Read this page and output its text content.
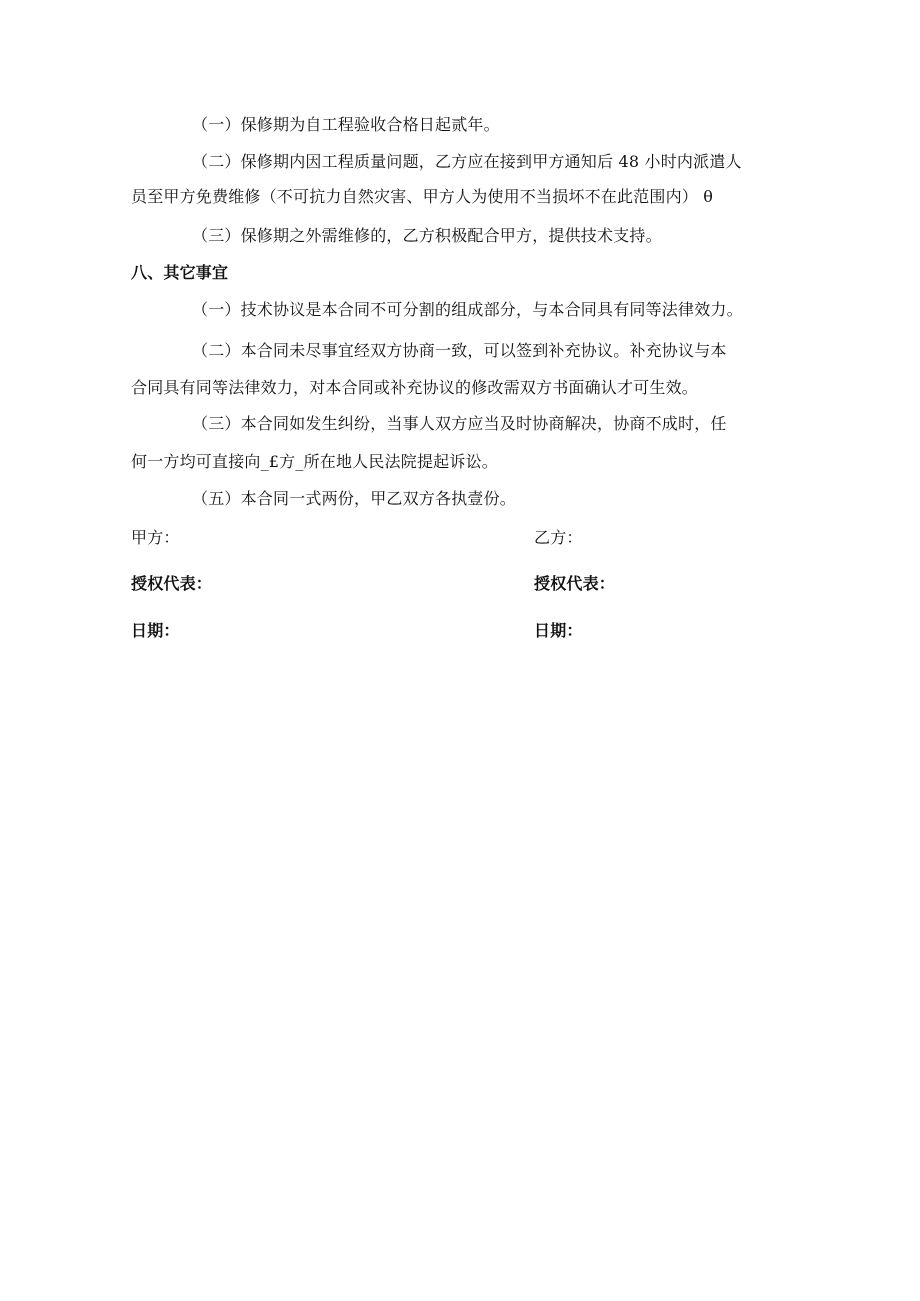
（一）保修期为自工程验收合格日起贰年。
（二）保修期内因工程质量问题，乙方应在接到甲方通知后 48 小时内派遣人
员至甲方免费维修（不可抗力自然灾害、甲方人为使用不当损坏不在此范围内） θ
（三）保修期之外需维修的，乙方积极配合甲方，提供技术支持。
八、其它事宜
（一）技术协议是本合同不可分割的组成部分，与本合同具有同等法律效力。
（二）本合同未尽事宜经双方协商一致，可以签到补充协议。补充协议与本
合同具有同等法律效力，对本合同或补充协议的修改需双方书面确认才可生效。
（三）本合同如发生纠纷，当事人双方应当及时协商解决，协商不成时，任
何一方均可直接向_£方_所在地人民法院提起诉讼。
（五）本合同一式两份，甲乙双方各执壹份。
甲方：	乙方：
授权代表：	授权代表：
日期：	日期：
